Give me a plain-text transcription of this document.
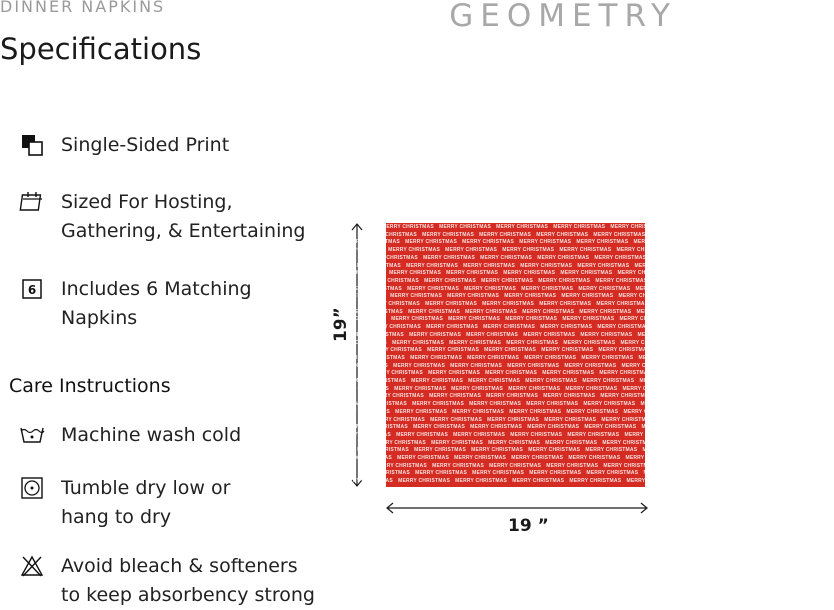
DINNER NAPKINS	GEOMETRY
Specifications
Single-Sided Print
Sized For Hosting,
Gathering, & Entertaining
6 Includes 6 Matching
Napkins
Care Instructions
Machine wash cold
Tumble dry low or
hang to dry
Avoid bleach & softeners
to keep absorbency strong
19”
19 ”
MERRY CHRISTMAS MERRY CHRISTMAS MERRY CHRISTMAS MERRY CHRISTMAS MERRY CHRISTMAS MERRY CHRISTMAS MERRY CHRISTMAS MERRY CHRISTMAS
MERRY CHRISTMAS MERRY CHRISTMAS MERRY CHRISTMAS MERRY CHRISTMAS MERRY CHRISTMAS MERRY CHRISTMAS MERRY CHRISTMAS MERRY CHRISTMAS
MERRY CHRISTMAS MERRY CHRISTMAS MERRY CHRISTMAS MERRY CHRISTMAS MERRY CHRISTMAS MERRY CHRISTMAS MERRY CHRISTMAS MERRY CHRISTMAS
MERRY CHRISTMAS MERRY CHRISTMAS MERRY CHRISTMAS MERRY CHRISTMAS MERRY CHRISTMAS MERRY CHRISTMAS MERRY CHRISTMAS MERRY CHRISTMAS
MERRY CHRISTMAS MERRY CHRISTMAS MERRY CHRISTMAS MERRY CHRISTMAS MERRY CHRISTMAS MERRY CHRISTMAS MERRY CHRISTMAS MERRY CHRISTMAS
MERRY CHRISTMAS MERRY CHRISTMAS MERRY CHRISTMAS MERRY CHRISTMAS MERRY CHRISTMAS MERRY CHRISTMAS MERRY CHRISTMAS MERRY CHRISTMAS
MERRY CHRISTMAS MERRY CHRISTMAS MERRY CHRISTMAS MERRY CHRISTMAS MERRY CHRISTMAS MERRY CHRISTMAS MERRY CHRISTMAS MERRY CHRISTMAS
MERRY CHRISTMAS MERRY CHRISTMAS MERRY CHRISTMAS MERRY CHRISTMAS MERRY CHRISTMAS MERRY CHRISTMAS MERRY CHRISTMAS MERRY CHRISTMAS
MERRY CHRISTMAS MERRY CHRISTMAS MERRY CHRISTMAS MERRY CHRISTMAS MERRY CHRISTMAS MERRY CHRISTMAS MERRY CHRISTMAS MERRY CHRISTMAS
MERRY CHRISTMAS MERRY CHRISTMAS MERRY CHRISTMAS MERRY CHRISTMAS MERRY CHRISTMAS MERRY CHRISTMAS MERRY CHRISTMAS MERRY CHRISTMAS
MERRY CHRISTMAS MERRY CHRISTMAS MERRY CHRISTMAS MERRY CHRISTMAS MERRY CHRISTMAS MERRY CHRISTMAS MERRY CHRISTMAS MERRY CHRISTMAS
MERRY CHRISTMAS MERRY CHRISTMAS MERRY CHRISTMAS MERRY CHRISTMAS MERRY CHRISTMAS MERRY CHRISTMAS MERRY CHRISTMAS MERRY CHRISTMAS
MERRY CHRISTMAS MERRY CHRISTMAS MERRY CHRISTMAS MERRY CHRISTMAS MERRY CHRISTMAS MERRY CHRISTMAS MERRY CHRISTMAS MERRY CHRISTMAS
MERRY CHRISTMAS MERRY CHRISTMAS MERRY CHRISTMAS MERRY CHRISTMAS MERRY CHRISTMAS MERRY CHRISTMAS MERRY CHRISTMAS MERRY CHRISTMAS
MERRY CHRISTMAS MERRY CHRISTMAS MERRY CHRISTMAS MERRY CHRISTMAS MERRY CHRISTMAS MERRY CHRISTMAS MERRY CHRISTMAS MERRY CHRISTMAS
MERRY CHRISTMAS MERRY CHRISTMAS MERRY CHRISTMAS MERRY CHRISTMAS MERRY CHRISTMAS MERRY CHRISTMAS MERRY CHRISTMAS MERRY CHRISTMAS
MERRY CHRISTMAS MERRY CHRISTMAS MERRY CHRISTMAS MERRY CHRISTMAS MERRY CHRISTMAS MERRY CHRISTMAS MERRY CHRISTMAS MERRY CHRISTMAS
MERRY CHRISTMAS MERRY CHRISTMAS MERRY CHRISTMAS MERRY CHRISTMAS MERRY CHRISTMAS MERRY CHRISTMAS MERRY CHRISTMAS MERRY CHRISTMAS
MERRY CHRISTMAS MERRY CHRISTMAS MERRY CHRISTMAS MERRY CHRISTMAS MERRY CHRISTMAS MERRY CHRISTMAS MERRY CHRISTMAS MERRY CHRISTMAS
MERRY CHRISTMAS MERRY CHRISTMAS MERRY CHRISTMAS MERRY CHRISTMAS MERRY CHRISTMAS MERRY CHRISTMAS MERRY CHRISTMAS MERRY CHRISTMAS
MERRY CHRISTMAS MERRY CHRISTMAS MERRY CHRISTMAS MERRY CHRISTMAS MERRY CHRISTMAS MERRY CHRISTMAS MERRY CHRISTMAS MERRY CHRISTMAS
MERRY CHRISTMAS MERRY CHRISTMAS MERRY CHRISTMAS MERRY CHRISTMAS MERRY CHRISTMAS MERRY CHRISTMAS MERRY CHRISTMAS MERRY CHRISTMAS
MERRY CHRISTMAS MERRY CHRISTMAS MERRY CHRISTMAS MERRY CHRISTMAS MERRY CHRISTMAS MERRY CHRISTMAS MERRY CHRISTMAS MERRY CHRISTMAS
MERRY CHRISTMAS MERRY CHRISTMAS MERRY CHRISTMAS MERRY CHRISTMAS MERRY CHRISTMAS MERRY CHRISTMAS MERRY CHRISTMAS MERRY CHRISTMAS
MERRY CHRISTMAS MERRY CHRISTMAS MERRY CHRISTMAS MERRY CHRISTMAS MERRY CHRISTMAS MERRY CHRISTMAS MERRY CHRISTMAS MERRY CHRISTMAS
MERRY CHRISTMAS MERRY CHRISTMAS MERRY CHRISTMAS MERRY CHRISTMAS MERRY CHRISTMAS MERRY CHRISTMAS MERRY CHRISTMAS MERRY CHRISTMAS
MERRY CHRISTMAS MERRY CHRISTMAS MERRY CHRISTMAS MERRY CHRISTMAS MERRY CHRISTMAS MERRY CHRISTMAS MERRY CHRISTMAS MERRY CHRISTMAS
MERRY CHRISTMAS MERRY CHRISTMAS MERRY CHRISTMAS MERRY CHRISTMAS MERRY CHRISTMAS MERRY CHRISTMAS MERRY CHRISTMAS MERRY CHRISTMAS
MERRY CHRISTMAS MERRY CHRISTMAS MERRY CHRISTMAS MERRY CHRISTMAS MERRY CHRISTMAS MERRY CHRISTMAS MERRY CHRISTMAS MERRY CHRISTMAS
MERRY CHRISTMAS MERRY CHRISTMAS MERRY CHRISTMAS MERRY CHRISTMAS MERRY CHRISTMAS MERRY CHRISTMAS MERRY CHRISTMAS MERRY CHRISTMAS
MERRY CHRISTMAS MERRY CHRISTMAS MERRY CHRISTMAS MERRY CHRISTMAS MERRY CHRISTMAS MERRY CHRISTMAS MERRY CHRISTMAS MERRY CHRISTMAS
MERRY CHRISTMAS MERRY CHRISTMAS MERRY CHRISTMAS MERRY CHRISTMAS MERRY CHRISTMAS MERRY CHRISTMAS MERRY CHRISTMAS MERRY CHRISTMAS
MERRY CHRISTMAS MERRY CHRISTMAS MERRY CHRISTMAS MERRY CHRISTMAS MERRY CHRISTMAS MERRY CHRISTMAS MERRY CHRISTMAS MERRY CHRISTMAS
MERRY CHRISTMAS MERRY CHRISTMAS MERRY CHRISTMAS MERRY CHRISTMAS MERRY CHRISTMAS MERRY CHRISTMAS MERRY CHRISTMAS MERRY CHRISTMAS
